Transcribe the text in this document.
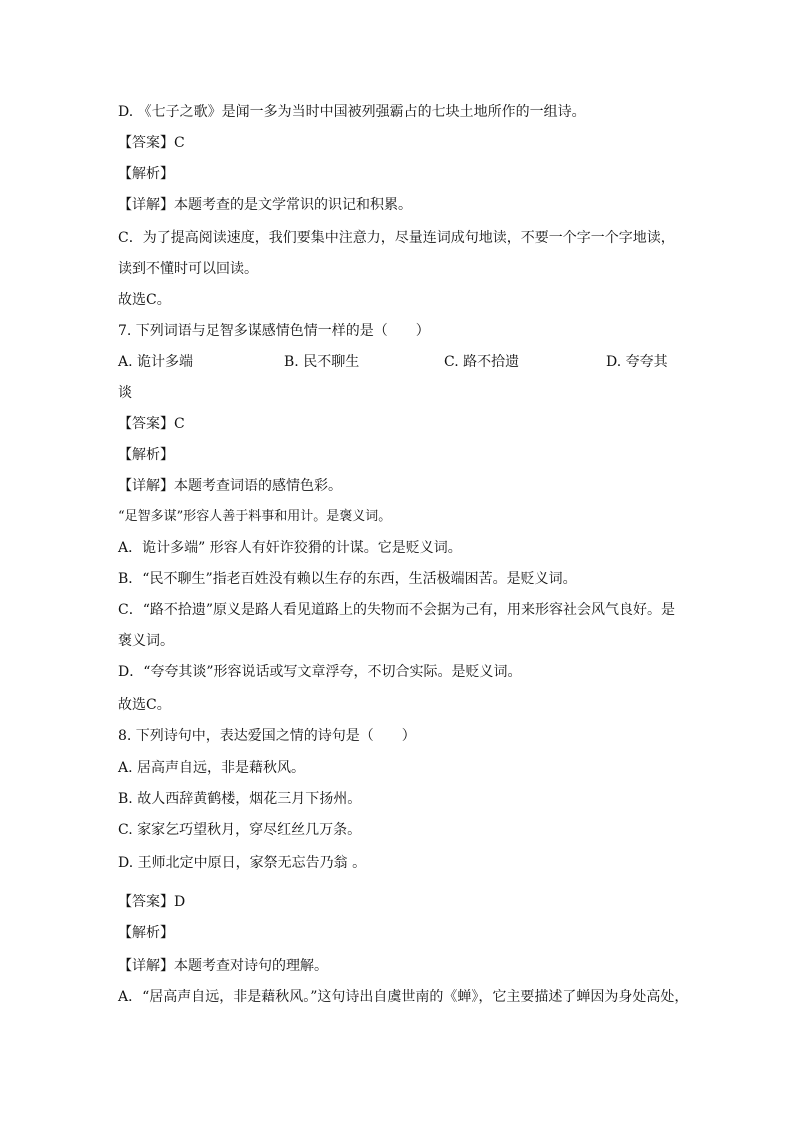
D. 《七子之歌》是闻一多为当时中国被列强霸占的七块土地所作的一组诗。
【答案】C
【解析】
【详解】本题考查的是文学常识的识记和积累。
C．为了提高阅读速度，我们要集中注意力，尽量连词成句地读，不要一个字一个字地读，
读到不懂时可以回读。
故选C。
7. 下列词语与足智多谋感情色情一样的是（　　）
A. 诡计多端	B. 民不聊生	C. 路不拾遗	D. 夸夸其
谈
【答案】C
【解析】
【详解】本题考查词语的感情色彩。
“足智多谋”形容人善于料事和用计。是褒义词。
A．诡计多端” 形容人有奸诈狡猾的计谋。它是贬义词。
B．“民不聊生”指老百姓没有赖以生存的东西，生活极端困苦。是贬义词。
C．“路不拾遗”原义是路人看见道路上的失物而不会据为己有，用来形容社会风气良好。是
褒义词。
D．“夸夸其谈”形容说话或写文章浮夸，不切合实际。是贬义词。
故选C。
8. 下列诗句中，表达爱国之情的诗句是（　　）
A. 居高声自远，非是藉秋风。
B. 故人西辞黄鹤楼，烟花三月下扬州。
C. 家家乞巧望秋月，穿尽红丝几万条。
D. 王师北定中原日，家祭无忘告乃翁 。
【答案】D
【解析】
【详解】本题考查对诗句的理解。
A．“居高声自远，非是藉秋风。”这句诗出自虞世南的《蝉》，它主要描述了蝉因为身处高处，
